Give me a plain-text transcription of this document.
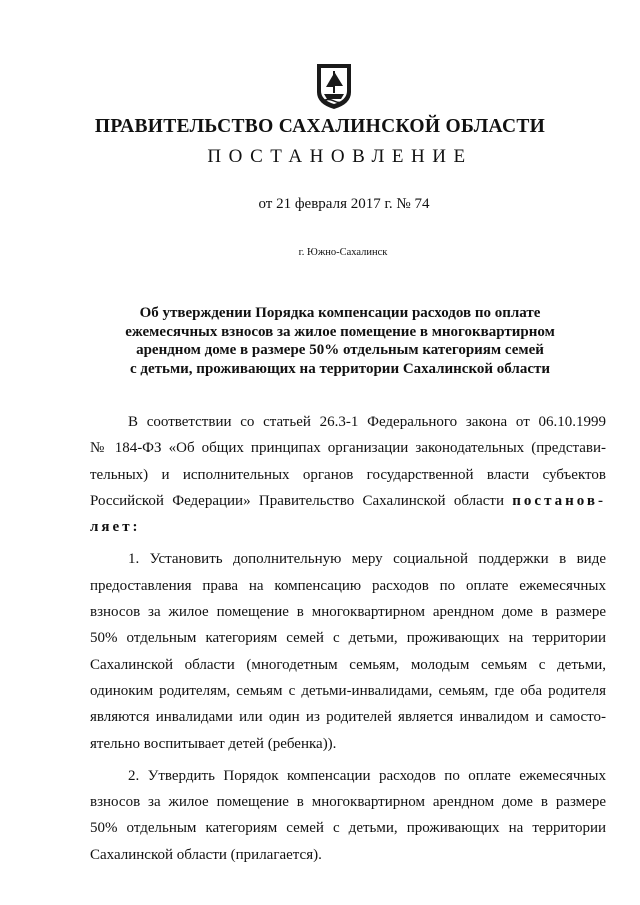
ПРАВИТЕЛЬСТВО САХАЛИНСКОЙ ОБЛАСТИ
ПОСТАНОВЛЕНИЕ
от 21 февраля 2017 г. № 74
г. Южно-Сахалинск
Об утверждении Порядка компенсации расходов по оплате
ежемесячных взносов за жилое помещение в многоквартирном
арендном доме в размере 50% отдельным категориям семей
с детьми, проживающих на территории Сахалинской области
В соответствии со статьей 26.3-1 Федерального закона от 06.10.1999
№ 184-ФЗ «Об общих принципах организации законодательных (представи-
тельных) и исполнительных органов государственной власти субъектов
Российской Федерации» Правительство Сахалинской области постанов-
ляет:
1. Установить дополнительную меру социальной поддержки в виде
предоставления права на компенсацию расходов по оплате ежемесячных
взносов за жилое помещение в многоквартирном арендном доме в размере
50% отдельным категориям семей с детьми, проживающих на территории
Сахалинской области (многодетным семьям, молодым семьям с детьми,
одиноким родителям, семьям с детьми-инвалидами, семьям, где оба родителя
являются инвалидами или один из родителей является инвалидом и самосто-
ятельно воспитывает детей (ребенка)).
2. Утвердить Порядок компенсации расходов по оплате ежемесячных
взносов за жилое помещение в многоквартирном арендном доме в размере
50% отдельным категориям семей с детьми, проживающих на территории
Сахалинской области (прилагается).
